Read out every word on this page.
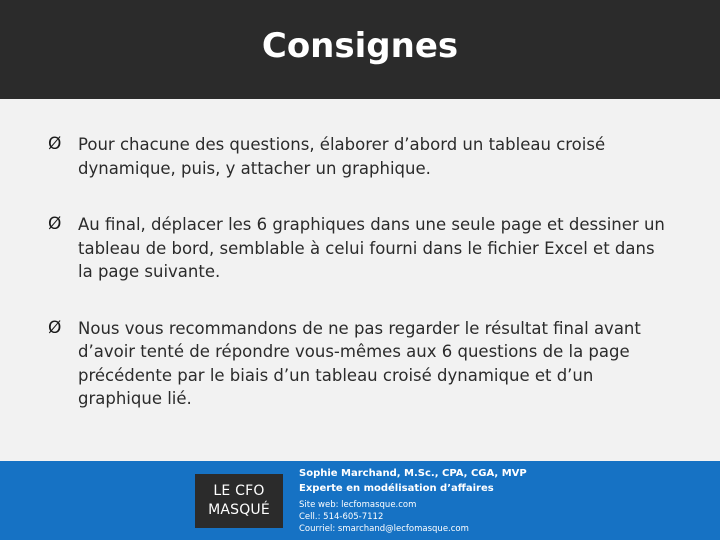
Consignes
Ø Pour chacune des questions, élaborer d’abord un tableau croisé dynamique, puis, y attacher un graphique.
Ø Au final, déplacer les 6 graphiques dans une seule page et dessiner un tableau de bord, semblable à celui fourni dans le fichier Excel et dans la page suivante.
Ø Nous vous recommandons de ne pas regarder le résultat final avant d’avoir tenté de répondre vous-mêmes aux 6 questions de la page précédente par le biais d’un tableau croisé dynamique et d’un graphique lié.
LE CFO
MASQUÉ
Sophie Marchand, M.Sc., CPA, CGA, MVP
Experte en modélisation d’affaires
Site web: lecfomasque.com
Cell.: 514-605-7112
Courriel: smarchand@lecfomasque.com
